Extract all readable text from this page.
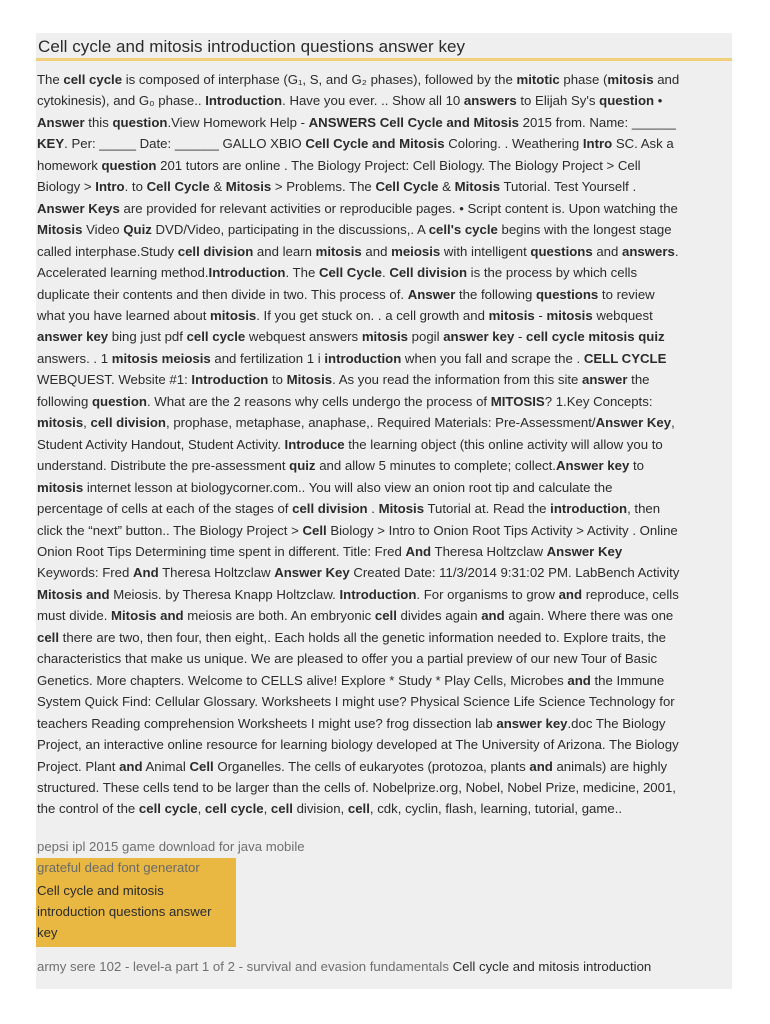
Cell cycle and mitosis introduction questions answer key

The cell cycle is composed of interphase (G₁, S, and G₂ phases), followed by the mitotic phase (mitosis and
cytokinesis), and G₀ phase.. Introduction. Have you ever. .. Show all 10 answers to Elijah Sy's question •
Answer this question.View Homework Help - ANSWERS Cell Cycle and Mitosis 2015 from. Name: ______
KEY. Per: _____ Date: ______ GALLO XBIO Cell Cycle and Mitosis Coloring. . Weathering Intro SC. Ask a
homework question 201 tutors are online . The Biology Project: Cell Biology. The Biology Project > Cell
Biology > Intro. to Cell Cycle & Mitosis > Problems. The Cell Cycle & Mitosis Tutorial. Test Yourself .
Answer Keys are provided for relevant activities or reproducible pages. • Script content is. Upon watching the
Mitosis Video Quiz DVD/Video, participating in the discussions,. A cell's cycle begins with the longest stage
called interphase.Study cell division and learn mitosis and meiosis with intelligent questions and answers.
Accelerated learning method.Introduction. The Cell Cycle. Cell division is the process by which cells
duplicate their contents and then divide in two. This process of. Answer the following questions to review
what you have learned about mitosis. If you get stuck on. . a cell growth and mitosis - mitosis webquest
answer key bing just pdf cell cycle webquest answers mitosis pogil answer key - cell cycle mitosis quiz
answers. . 1 mitosis meiosis and fertilization 1 i introduction when you fall and scrape the . CELL CYCLE
WEBQUEST. Website #1: Introduction to Mitosis. As you read the information from this site answer the
following question. What are the 2 reasons why cells undergo the process of MITOSIS? 1.Key Concepts:
mitosis, cell division, prophase, metaphase, anaphase,. Required Materials: Pre-Assessment/Answer Key,
Student Activity Handout, Student Activity. Introduce the learning object (this online activity will allow you to
understand. Distribute the pre-assessment quiz and allow 5 minutes to complete; collect.Answer key to
mitosis internet lesson at biologycorner.com.. You will also view an onion root tip and calculate the
percentage of cells at each of the stages of cell division . Mitosis Tutorial at. Read the introduction, then
click the “next” button.. The Biology Project > Cell Biology > Intro to Onion Root Tips Activity > Activity . Online
Onion Root Tips Determining time spent in different. Title: Fred And Theresa Holtzclaw Answer Key
Keywords: Fred And Theresa Holtzclaw Answer Key Created Date: 11/3/2014 9:31:02 PM. LabBench Activity
Mitosis and Meiosis. by Theresa Knapp Holtzclaw. Introduction. For organisms to grow and reproduce, cells
must divide. Mitosis and meiosis are both. An embryonic cell divides again and again. Where there was one
cell there are two, then four, then eight,. Each holds all the genetic information needed to. Explore traits, the
characteristics that make us unique. We are pleased to offer you a partial preview of our new Tour of Basic
Genetics. More chapters. Welcome to CELLS alive! Explore * Study * Play Cells, Microbes and the Immune
System Quick Find: Cellular Glossary. Worksheets I might use? Physical Science Life Science Technology for
teachers Reading comprehension Worksheets I might use? frog dissection lab answer key.doc The Biology
Project, an interactive online resource for learning biology developed at The University of Arizona. The Biology
Project. Plant and Animal Cell Organelles. The cells of eukaryotes (protozoa, plants and animals) are highly
structured. These cells tend to be larger than the cells of. Nobelprize.org, Nobel, Nobel Prize, medicine, 2001,
the control of the cell cycle, cell cycle, cell division, cell, cdk, cyclin, flash, learning, tutorial, game..

pepsi ipl 2015 game download for java mobile
grateful dead font generator
Cell cycle and mitosis
introduction questions answer
key
army sere 102 - level-a part 1 of 2 - survival and evasion fundamentals Cell cycle and mitosis introduction
